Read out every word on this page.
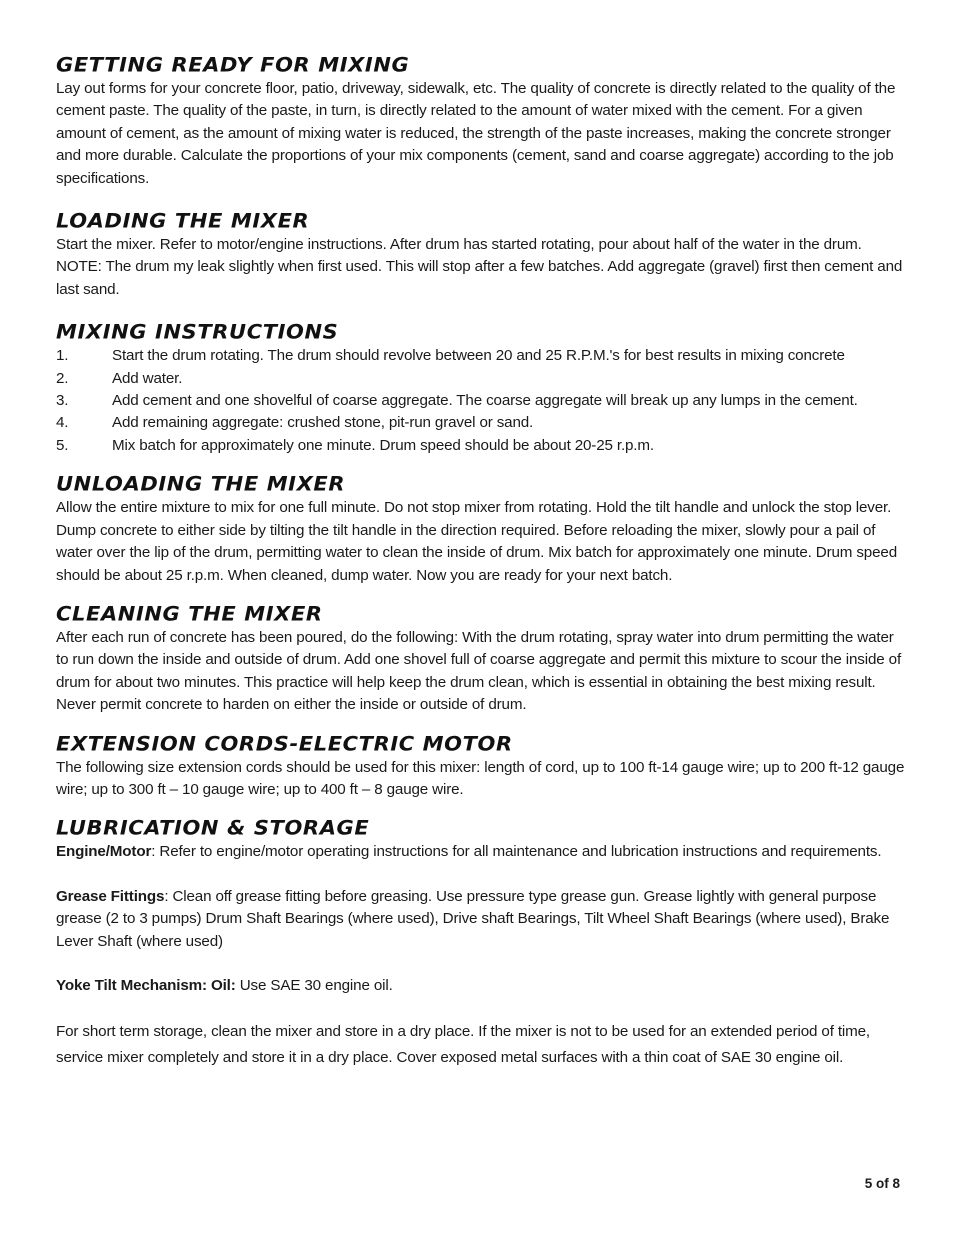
GETTING READY FOR MIXING

Lay out forms for your concrete floor, patio, driveway, sidewalk, etc. The quality of concrete is directly related to the quality of the cement paste. The quality of the paste, in turn, is directly related to the amount of water mixed with the cement. For a given amount of cement, as the amount of mixing water is reduced, the strength of the paste increases, making the concrete stronger and more durable. Calculate the proportions of your mix components (cement, sand and coarse aggregate) according to the job specifications.

LOADING THE MIXER

Start the mixer. Refer to motor/engine instructions. After drum has started rotating, pour about half of the water in the drum. NOTE: The drum my leak slightly when first used. This will stop after a few batches. Add aggregate (gravel) first then cement and last sand.

MIXING INSTRUCTIONS
1.	Start the drum rotating. The drum should revolve between 20 and 25 R.P.M.'s for best results in mixing concrete
2.	Add water.
3.	Add cement and one shovelful of coarse aggregate. The coarse aggregate will break up any lumps in the cement.
4.	Add remaining aggregate: crushed stone, pit-run gravel or sand.
5.	Mix batch for approximately one minute. Drum speed should be about 20-25 r.p.m.
UNLOADING THE MIXER

Allow the entire mixture to mix for one full minute. Do not stop mixer from rotating. Hold the tilt handle and unlock the stop lever. Dump concrete to either side by tilting the tilt handle in the direction required. Before reloading the mixer, slowly pour a pail of water over the lip of the drum, permitting water to clean the inside of drum. Mix batch for approximately one minute. Drum speed should be about 25 r.p.m. When cleaned, dump water. Now you are ready for your next batch.

CLEANING THE MIXER

After each run of concrete has been poured, do the following: With the drum rotating, spray water into drum permitting the water to run down the inside and outside of drum. Add one shovel full of coarse aggregate and permit this mixture to scour the inside of drum for about two minutes. This practice will help keep the drum clean, which is essential in obtaining the best mixing result. Never permit concrete to harden on either the inside or outside of drum.

EXTENSION CORDS-ELECTRIC MOTOR

The following size extension cords should be used for this mixer: length of cord, up to 100 ft-14 gauge wire; up to 200 ft-12 gauge wire; up to 300 ft – 10 gauge wire; up to 400 ft – 8 gauge wire.

LUBRICATION & STORAGE

Engine/Motor: Refer to engine/motor operating instructions for all maintenance and lubrication instructions and requirements.

Grease Fittings: Clean off grease fitting before greasing. Use pressure type grease gun. Grease lightly with general purpose grease (2 to 3 pumps) Drum Shaft Bearings (where used), Drive shaft Bearings, Tilt Wheel Shaft Bearings (where used), Brake Lever Shaft (where used)

Yoke Tilt Mechanism: Oil: Use SAE 30 engine oil.

For short term storage, clean the mixer and store in a dry place. If the mixer is not to be used for an extended period of time, service mixer completely and store it in a dry place. Cover exposed metal surfaces with a thin coat of SAE 30 engine oil.

5 of 8
